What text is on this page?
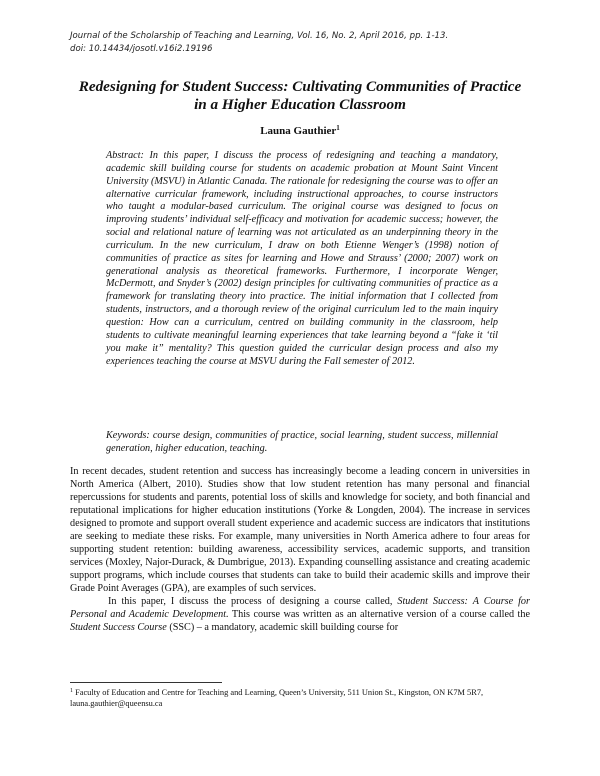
Journal of the Scholarship of Teaching and Learning, Vol. 16, No. 2, April 2016, pp. 1-13.
doi: 10.14434/josotl.v16i2.19196
Redesigning for Student Success: Cultivating Communities of Practice
in a Higher Education Classroom
Launa Gauthier$^1$

Abstract: In this paper, I discuss the process of redesigning and teaching a mandatory, academic skill building course for students on academic probation at Mount Saint Vincent University (MSVU) in Atlantic Canada. The rationale for redesigning the course was to offer an alternative curricular framework, including instructional approaches, to course instructors who taught a modular-based curriculum. The original course was designed to focus on improving students’ individual self-efficacy and motivation for academic success; however, the social and relational nature of learning was not articulated as an underpinning theory in the curriculum. In the new curriculum, I draw on both Etienne Wenger’s (1998) notion of communities of practice as sites for learning and Howe and Strauss’ (2000; 2007) work on generational analysis as theoretical frameworks. Furthermore, I incorporate Wenger, McDermott, and Snyder’s (2002) design principles for cultivating communities of practice as a framework for translating theory into practice. The initial information that I collected from students, instructors, and a thorough review of the original curriculum led to the main inquiry question: How can a curriculum, centred on building community in the classroom, help students to cultivate meaningful learning experiences that take learning beyond a “fake it ‘til you make it” mentality? This question guided the curricular design process and also my experiences teaching the course at MSVU during the Fall semester of 2012.

Keywords: course design, communities of practice, social learning, student success, millennial generation, higher education, teaching.

In recent decades, student retention and success has increasingly become a leading concern in universities in North America (Albert, 2010). Studies show that low student retention has many personal and financial repercussions for students and parents, potential loss of skills and knowledge for society, and both financial and reputational implications for higher education institutions (Yorke & Longden, 2004). The increase in services designed to promote and support overall student experience and academic success are indicators that institutions are seeking to mediate these risks. For example, many universities in North America adhere to four areas for supporting student retention: building awareness, accessibility services, academic supports, and transition services (Moxley, Najor-Durack, & Dumbrigue, 2013). Expanding counselling assistance and creating academic support programs, which include courses that students can take to build their academic skills and improve their Grade Point Averages (GPA), are examples of such services.

In this paper, I discuss the process of designing a course called, Student Success: A Course for Personal and Academic Development. This course was written as an alternative version of a course called the Student Success Course (SSC) – a mandatory, academic skill building course for

$^1$ Faculty of Education and Centre for Teaching and Learning, Queen’s University, 511 Union St., Kingston, ON K7M 5R7, launa.gauthier@queensu.ca
